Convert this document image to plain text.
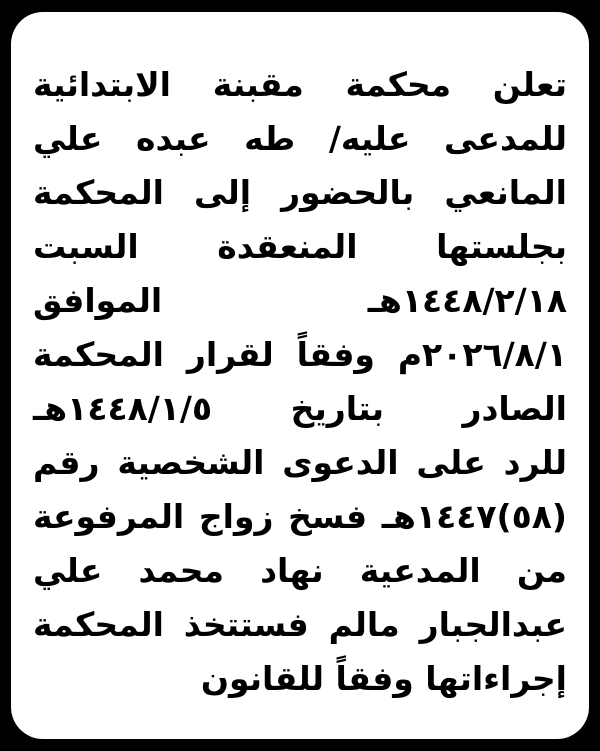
تعلن محكمة مقبنة الابتدائية
للمدعى عليه/ طه عبده علي
المانعي بالحضور إلى المحكمة
بجلستها المنعقدة السبت
١٤٤٨/٢/١٨هـ الموافق
٢٠٢٦/٨/١م وفقاً لقرار المحكمة
الصادر بتاريخ ١٤٤٨/١/٥هـ
للرد على الدعوى الشخصية رقم
(٥٨)١٤٤٧هـ فسخ زواج المرفوعة
من المدعية نهاد محمد علي
عبدالجبار مالم فستتخذ المحكمة
إجراءاتها وفقاً للقانون
